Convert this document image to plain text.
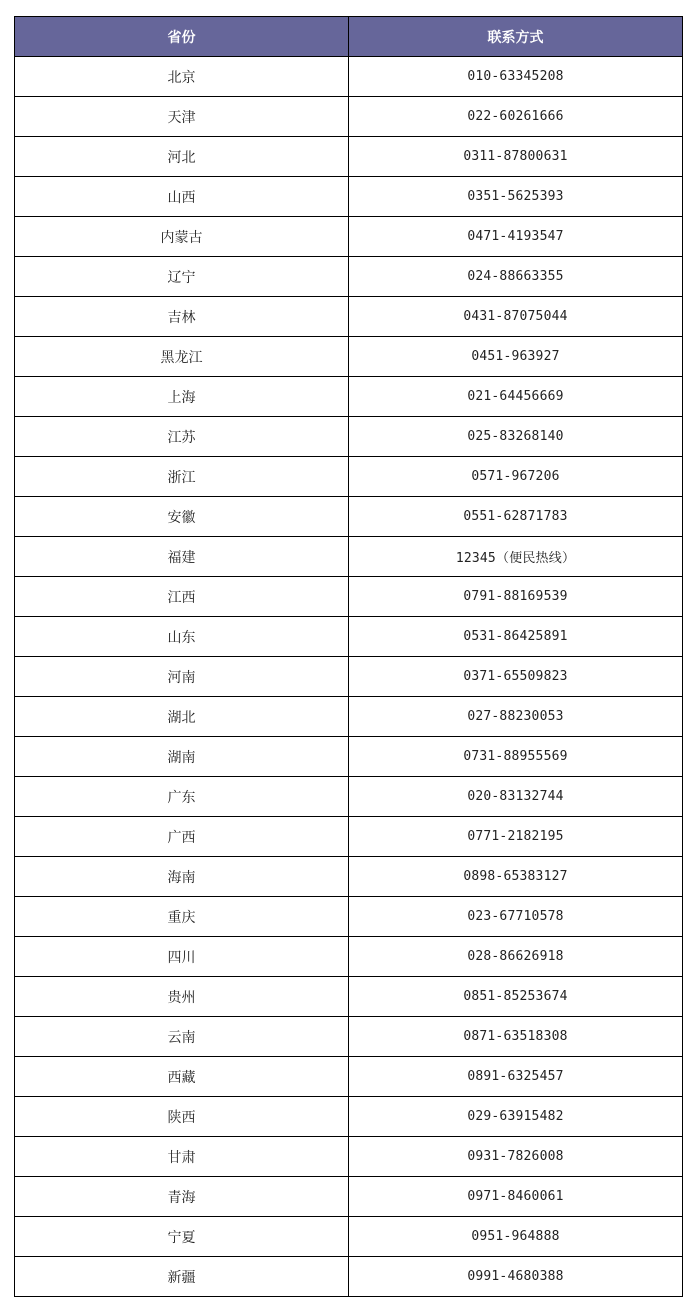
省份	联系方式
北京	010-63345208
天津	022-60261666
河北	0311-87800631
山西	0351-5625393
内蒙古	0471-4193547
辽宁	024-88663355
吉林	0431-87075044
黑龙江	0451-963927
上海	021-64456669
江苏	025-83268140
浙江	0571-967206
安徽	0551-62871783
福建	12345（便民热线）
江西	0791-88169539
山东	0531-86425891
河南	0371-65509823
湖北	027-88230053
湖南	0731-88955569
广东	020-83132744
广西	0771-2182195
海南	0898-65383127
重庆	023-67710578
四川	028-86626918
贵州	0851-85253674
云南	0871-63518308
西藏	0891-6325457
陕西	029-63915482
甘肃	0931-7826008
青海	0971-8460061
宁夏	0951-964888
新疆	0991-4680388
